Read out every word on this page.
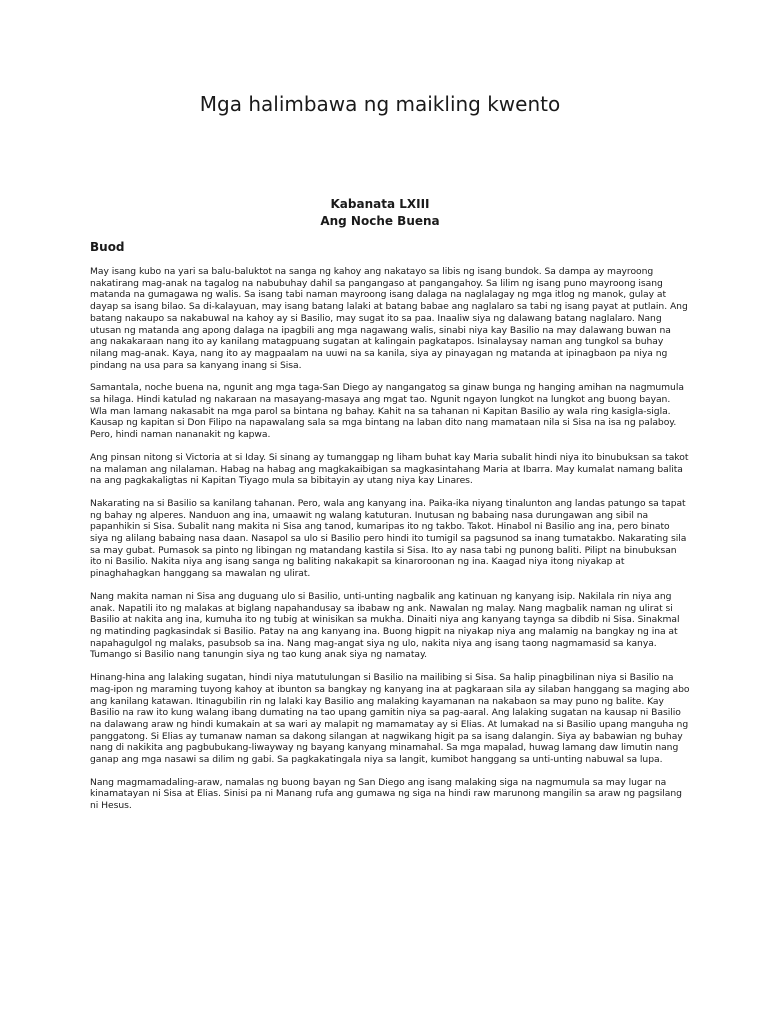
Mga halimbawa ng maikling kwento
Kabanata LXIII
Ang Noche Buena
Buod

May isang kubo na yari sa balu-baluktot na sanga ng kahoy ang nakatayo sa libis ng isang bundok. Sa dampa ay mayroong nakatirang mag-anak na tagalog na nabubuhay dahil sa pangangaso at pangangahoy. Sa lilim ng isang puno mayroong isang matanda na gumagawa ng walis. Sa isang tabi naman mayroong isang dalaga na naglalagay ng mga itlog ng manok, gulay at dayap sa isang bilao. Sa di-kalayuan, may isang batang lalaki at batang babae ang naglalaro sa tabi ng isang payat at putlain. Ang batang nakaupo sa nakabuwal na kahoy ay si Basilio, may sugat ito sa paa. Inaaliw siya ng dalawang batang naglalaro. Nang utusan ng matanda ang apong dalaga na ipagbili ang mga nagawang walis, sinabi niya kay Basilio na may dalawang buwan na ang nakakaraan nang ito ay kanilang matagpuang sugatan at kalingain pagkatapos. Isinalaysay naman ang tungkol sa buhay nilang mag-anak. Kaya, nang ito ay magpaalam na uuwi na sa kanila, siya ay pinayagan ng matanda at ipinagbaon pa niya ng pindang na usa para sa kanyang inang si Sisa.

Samantala, noche buena na, ngunit ang mga taga-San Diego ay nangangatog sa ginaw bunga ng hanging amihan na nagmumula sa hilaga. Hindi katulad ng nakaraan na masayang-masaya ang mgat tao. Ngunit ngayon lungkot na lungkot ang buong bayan. Wla man lamang nakasabit na mga parol sa bintana ng bahay. Kahit na sa tahanan ni Kapitan Basilio ay wala ring kasigla-sigla. Kausap ng kapitan si Don Filipo na napawalang sala sa mga bintang na laban dito nang mamataan nila si Sisa na isa ng palaboy. Pero, hindi naman nananakit ng kapwa.

Ang pinsan nitong si Victoria at si Iday. Si sinang ay tumanggap ng liham buhat kay Maria subalit hindi niya ito binubuksan sa takot na malaman ang nilalaman. Habag na habag ang magkakaibigan sa magkasintahang Maria at Ibarra. May kumalat namang balita na ang pagkakaligtas ni Kapitan Tiyago mula sa bibitayin ay utang niya kay Linares.

Nakarating na si Basilio sa kanilang tahanan. Pero, wala ang kanyang ina. Paika-ika niyang tinalunton ang landas patungo sa tapat ng bahay ng alperes. Nanduon ang ina, umaawit ng walang katuturan. Inutusan ng babaing nasa durungawan ang sibil na papanhikin si Sisa. Subalit nang makita ni Sisa ang tanod, kumaripas ito ng takbo. Takot. Hinabol ni Basilio ang ina, pero binato siya ng alilang babaing nasa daan. Nasapol sa ulo si Basilio pero hindi ito tumigil sa pagsunod sa inang tumatakbo. Nakarating sila sa may gubat. Pumasok sa pinto ng libingan ng matandang kastila si Sisa. Ito ay nasa tabi ng punong baliti. Pilipt na binubuksan ito ni Basilio. Nakita niya ang isang sanga ng baliting nakakapit sa kinaroroonan ng ina. Kaagad niya itong niyakap at pinaghahagkan hanggang sa mawalan ng ulirat.

Nang makita naman ni Sisa ang duguang ulo si Basilio, unti-unting nagbalik ang katinuan ng kanyang isip. Nakilala rin niya ang anak. Napatili ito ng malakas at biglang napahandusay sa ibabaw ng ank. Nawalan ng malay. Nang magbalik naman ng ulirat si Basilio at nakita ang ina, kumuha ito ng tubig at winisikan sa mukha. Dinaiti niya ang kanyang taynga sa dibdib ni Sisa. Sinakmal ng matinding pagkasindak si Basilio. Patay na ang kanyang ina. Buong higpit na niyakap niya ang malamig na bangkay ng ina at napahagulgol ng malaks, pasubsob sa ina. Nang mag-angat siya ng ulo, nakita niya ang isang taong nagmamasid sa kanya. Tumango si Basilio nang tanungin siya ng tao kung anak siya ng namatay.

Hinang-hina ang lalaking sugatan, hindi niya matutulungan si Basilio na mailibing si Sisa. Sa halip pinagbilinan niya si Basilio na mag-ipon ng maraming tuyong kahoy at ibunton sa bangkay ng kanyang ina at pagkaraan sila ay silaban hanggang sa maging abo ang kanilang katawan. Itinagubilin rin ng lalaki kay Basilio ang malaking kayamanan na nakabaon sa may puno ng balite. Kay Basilio na raw ito kung walang ibang dumating na tao upang gamitin niya sa pag-aaral. Ang lalaking sugatan na kausap ni Basilio na dalawang araw ng hindi kumakain at sa wari ay malapit ng mamamatay ay si Elias. At lumakad na si Basilio upang manguha ng panggatong. Si Elias ay tumanaw naman sa dakong silangan at nagwikang higit pa sa isang dalangin. Siya ay babawian ng buhay nang di nakikita ang pagbubukang-liwayway ng bayang kanyang minamahal. Sa mga mapalad, huwag lamang daw limutin nang ganap ang mga nasawi sa dilim ng gabi. Sa pagkakatingala niya sa langit, kumibot hanggang sa unti-unting nabuwal sa lupa.

Nang magmamadaling-araw, namalas ng buong bayan ng San Diego ang isang malaking siga na nagmumula sa may lugar na kinamatayan ni Sisa at Elias. Sinisi pa ni Manang rufa ang gumawa ng siga na hindi raw marunong mangilin sa araw ng pagsilang ni Hesus.
